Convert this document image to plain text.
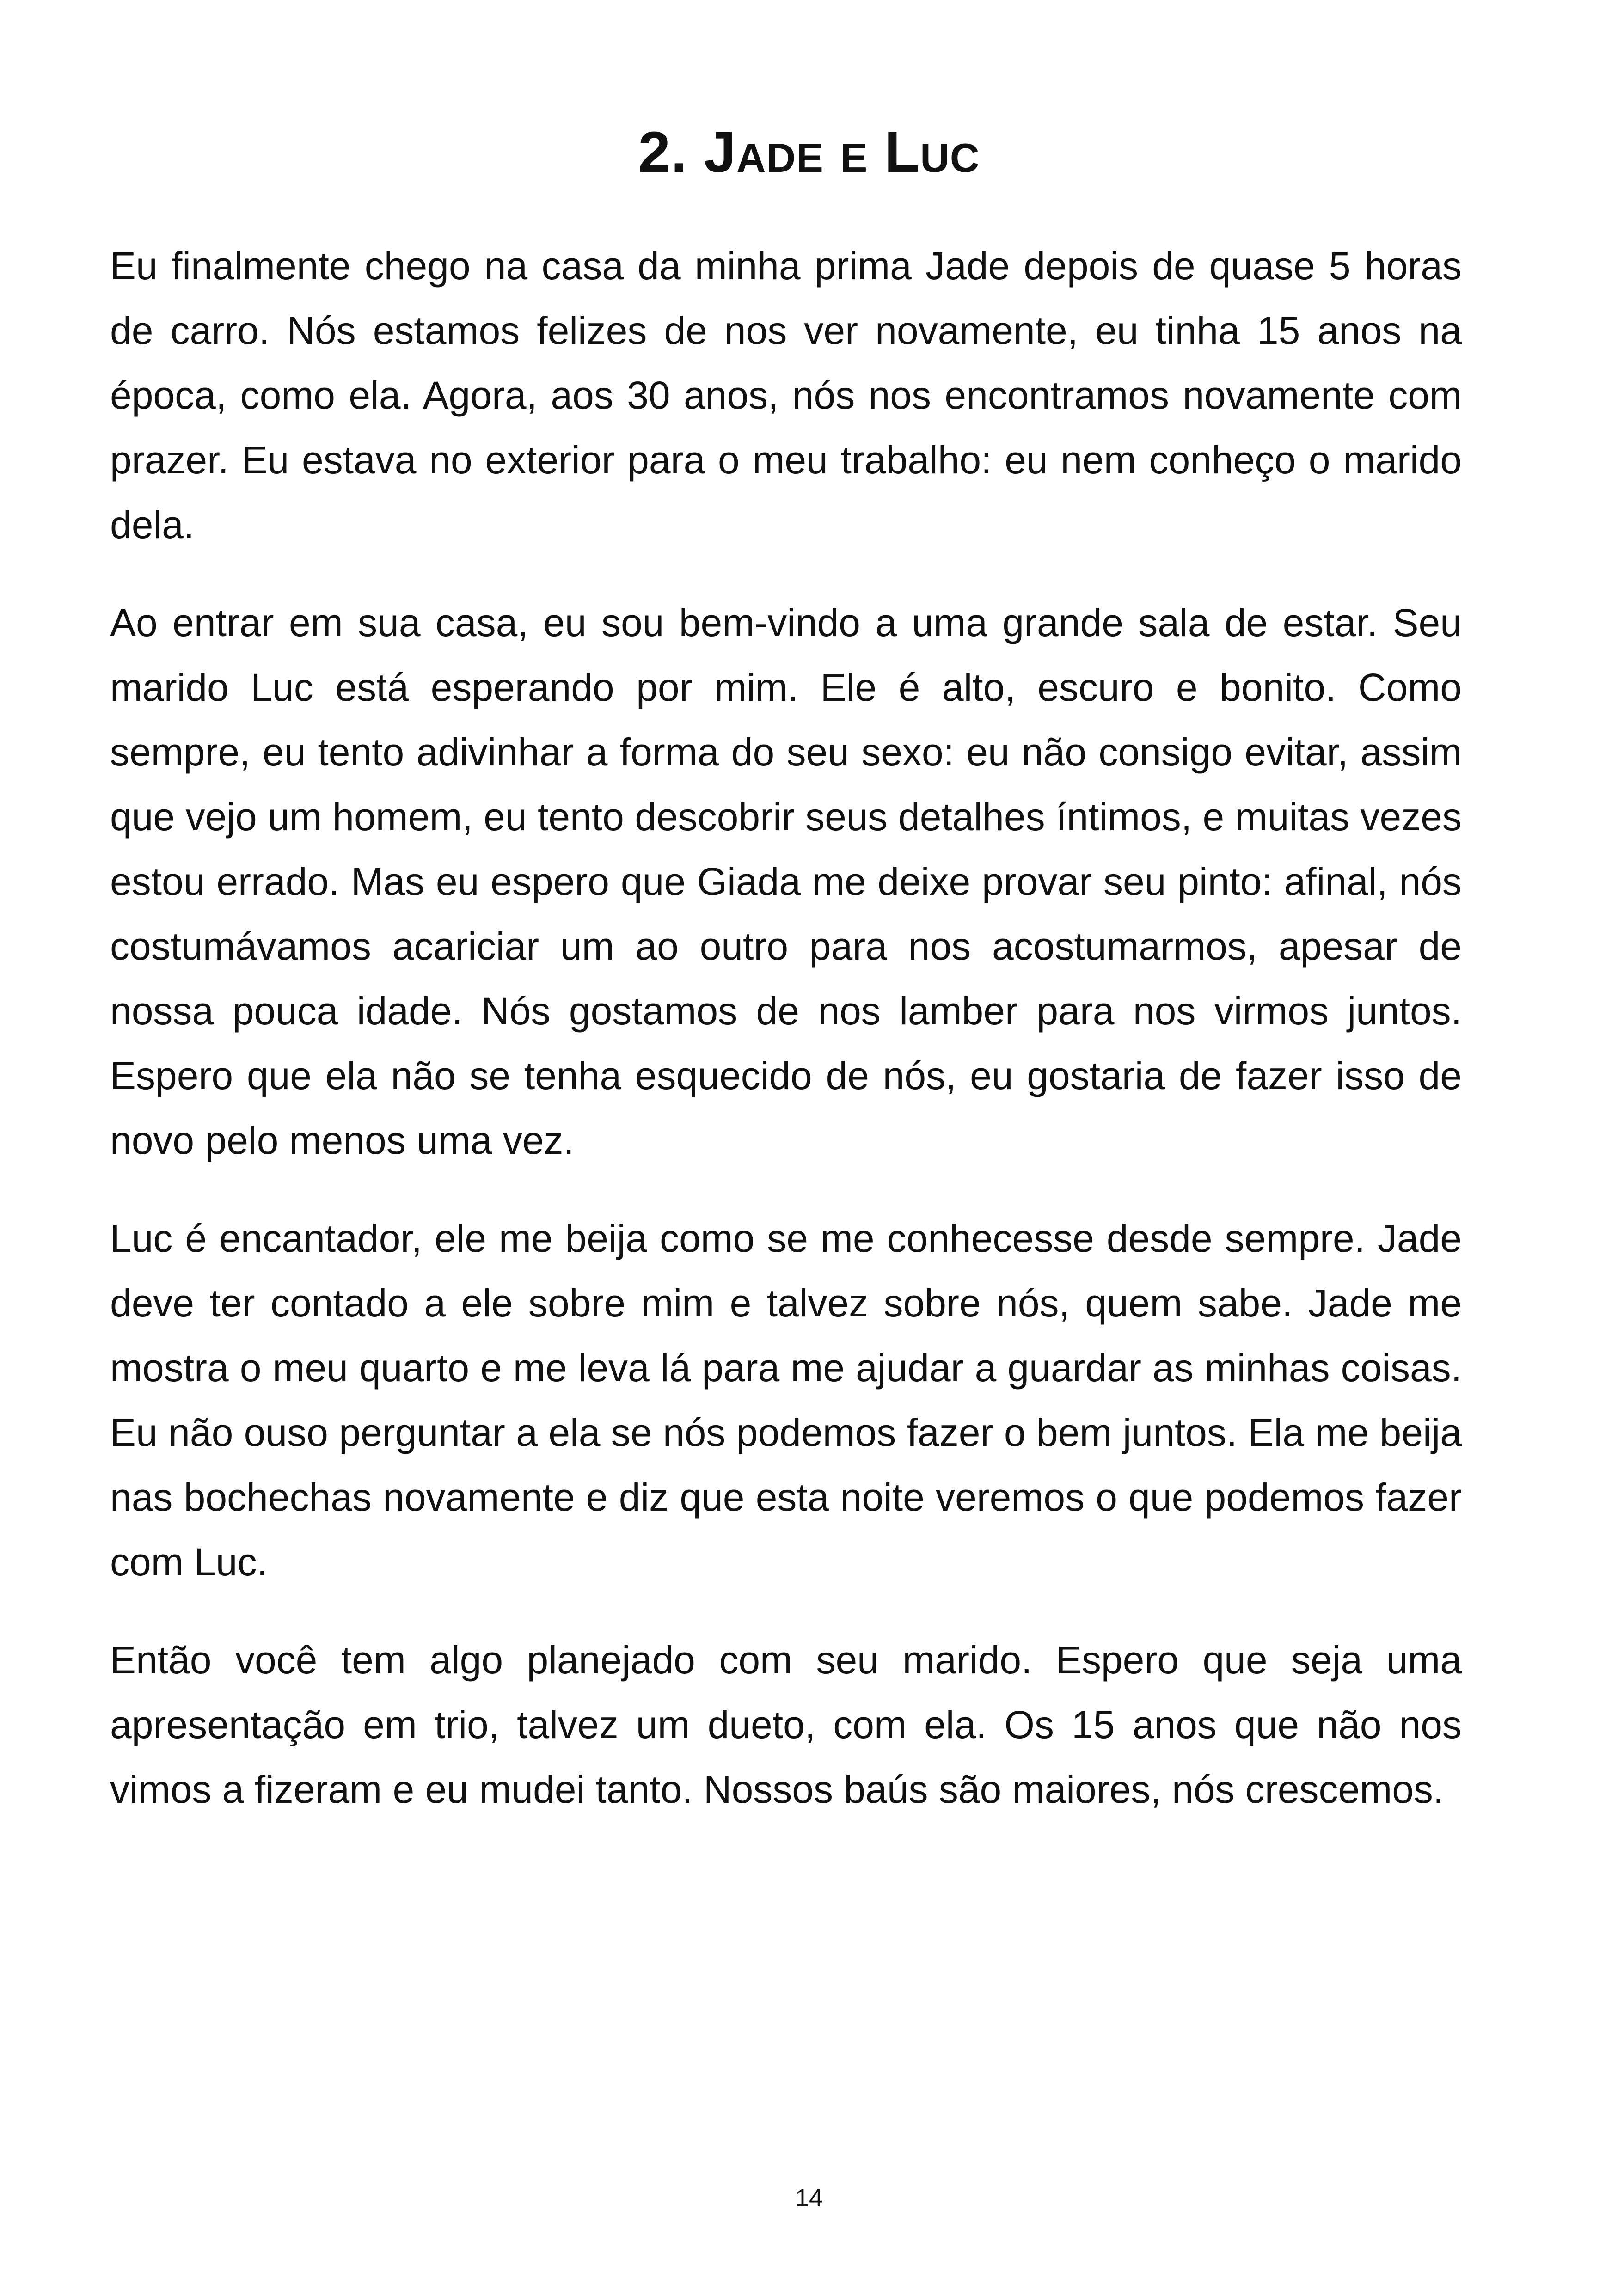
2. Jade e Luc

Eu finalmente chego na casa da minha prima Jade depois de quase 5 horas de carro. Nós estamos felizes de nos ver novamente, eu tinha 15 anos na época, como ela. Agora, aos 30 anos, nós nos encontramos novamente com prazer. Eu estava no exterior para o meu trabalho: eu nem conheço o marido dela.

Ao entrar em sua casa, eu sou bem-vindo a uma grande sala de estar. Seu marido Luc está esperando por mim. Ele é alto, escuro e bonito. Como sempre, eu tento adivinhar a forma do seu sexo: eu não consigo evitar, assim que vejo um homem, eu tento descobrir seus detalhes íntimos, e muitas vezes estou errado. Mas eu espero que Giada me deixe provar seu pinto: afinal, nós costumávamos acariciar um ao outro para nos acostumarmos, apesar de nossa pouca idade. Nós gostamos de nos lamber para nos virmos juntos. Espero que ela não se tenha esquecido de nós, eu gostaria de fazer isso de novo pelo menos uma vez.

Luc é encantador, ele me beija como se me conhecesse desde sempre. Jade deve ter contado a ele sobre mim e talvez sobre nós, quem sabe. Jade me mostra o meu quarto e me leva lá para me ajudar a guardar as minhas coisas. Eu não ouso perguntar a ela se nós podemos fazer o bem juntos. Ela me beija nas bochechas novamente e diz que esta noite veremos o que podemos fazer com Luc.

Então você tem algo planejado com seu marido. Espero que seja uma apresentação em trio, talvez um dueto, com ela. Os 15 anos que não nos vimos a fizeram e eu mudei tanto. Nossos baús são maiores, nós crescemos.

14
